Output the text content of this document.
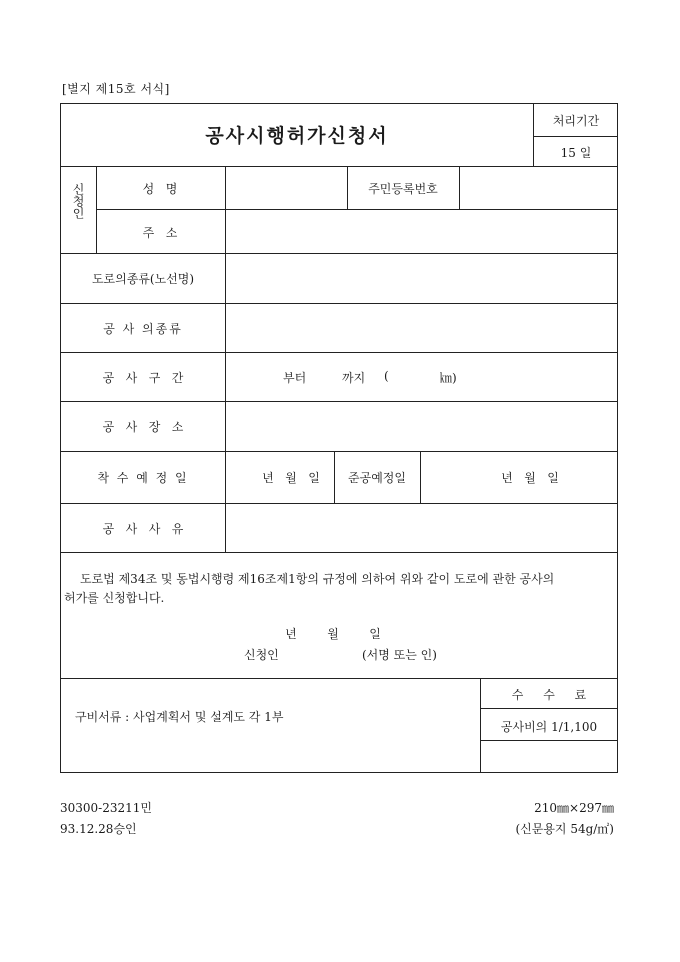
[별지 제15호 서식]
공사시행허가신청서
처리기간
15 일
신청인	성   명	주민등록번호
주   소
도로의종류(노선명)
공 사 의종류
공   사   구   간	부터	까지 (	㎞)
공   사   장   소
착 수 예 정 일	년   월   일 준공예정일	년   월   일
공   사   사   유
도로법 제34조 및 동법시행령 제16조제1항의 규정에 의하여 위와 같이 도로에 관한 공사의
허가를 신청합니다.
년        월        일
신청인	(서명 또는 인)
구비서류 : 사업계획서 및 설계도 각 1부
수 수 료
공사비의 1/1,100
30300-23211민
93.12.28승인
210㎜×297㎜
(신문용지 54g/㎡)
